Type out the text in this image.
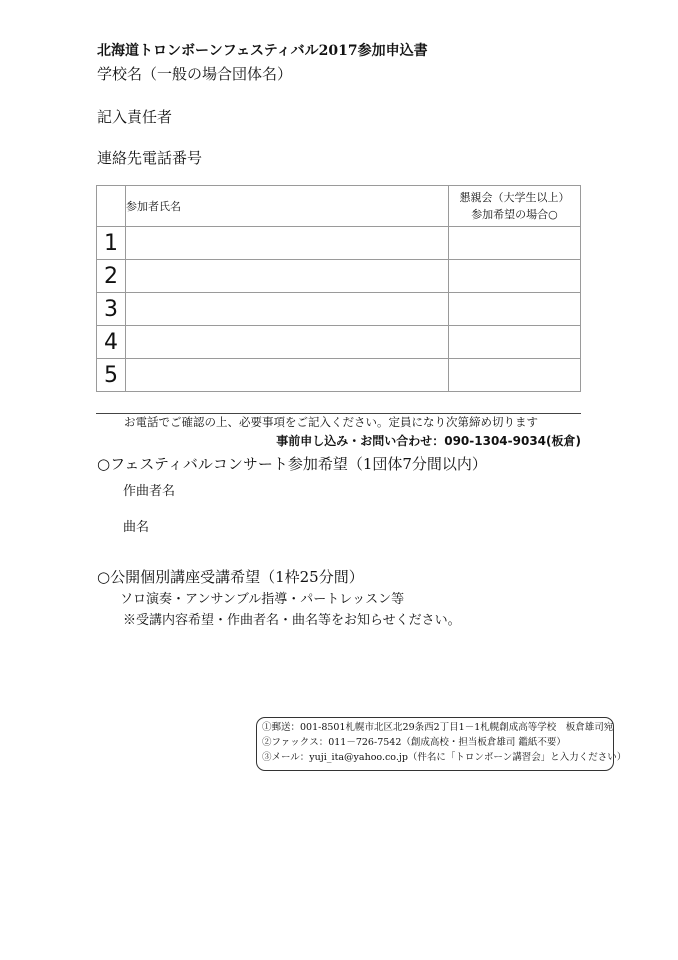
北海道トロンボーンフェスティバル2017参加申込書
学校名（一般の場合団体名）
記入責任者
連絡先電話番号
	参加者氏名	懇親会（大学生以上）
参加希望の場合○

1		
2		
3		
4		
5		
お電話でご確認の上、必要事項をご記入ください。定員になり次第締め切ります
事前申し込み・お問い合わせ：090-1304-9034(板倉)
○フェスティバルコンサート参加希望（1団体7分間以内）
作曲者名
曲名
○公開個別講座受講希望（1枠25分間）
ソロ演奏・アンサンブル指導・パートレッスン等
※受講内容希望・作曲者名・曲名等をお知らせください。
①郵送：001-8501札幌市北区北29条西2丁目1－1札幌創成高等学校　板倉雄司宛
②ファックス：011－726-7542（創成高校・担当板倉雄司 鑑紙不要）
③メール：yuji_ita@yahoo.co.jp（件名に「トロンボーン講習会」と入力ください）
